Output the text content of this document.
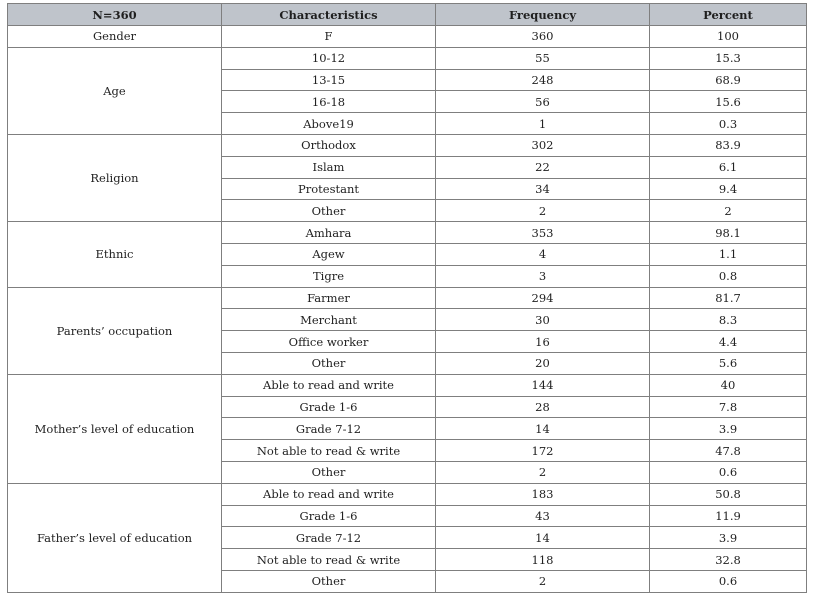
N=360	Characteristics	Frequency	Percent
Gender	F	360	100
Age	10-12	55	15.3
	13-15	248	68.9
	16-18	56	15.6
	Above19	1	0.3
Religion	Orthodox	302	83.9
	Islam	22	6.1
	Protestant	34	9.4
	Other	2	2
Ethnic	Amhara	353	98.1
	Agew	4	1.1
	Tigre	3	0.8
Parents’ occupation	Farmer	294	81.7
	Merchant	30	8.3
	Office worker	16	4.4
	Other	20	5.6
Mother’s level of education	Able to read and write	144	40
	Grade 1-6	28	7.8
	Grade 7-12	14	3.9
	Not able to read & write	172	47.8
	Other	2	0.6
Father’s level of education	Able to read and write	183	50.8
	Grade 1-6	43	11.9
	Grade 7-12	14	3.9
	Not able to read & write	118	32.8
	Other	2	0.6
